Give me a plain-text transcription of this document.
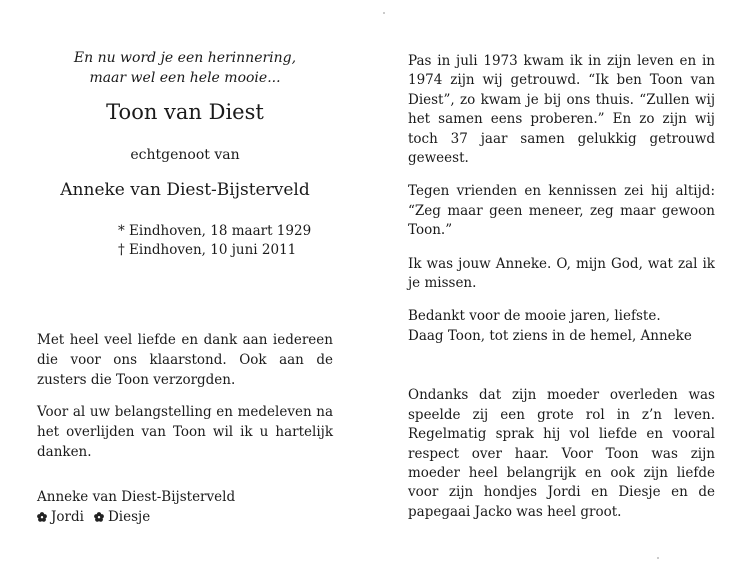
En nu word je een herinnering,
maar wel een hele mooie...
Toon van Diest
echtgenoot van
Anneke van Diest-Bijsterveld
* Eindhoven, 18 maart 1929
† Eindhoven, 10 juni 2011

Met heel veel liefde en dank aan iedereen die voor ons klaarstond. Ook aan de zusters die Toon verzorgden.

Voor al uw belangstelling en medeleven na het overlijden van Toon wil ik u hartelijk danken.

Anneke van Diest-Bijsterveld
Jordi	Diesje

Pas in juli 1973 kwam ik in zijn leven en in 1974 zijn wij getrouwd. “Ik ben Toon van Diest”, zo kwam je bij ons thuis. “Zullen wij het samen eens proberen.” En zo zijn wij toch 37 jaar samen gelukkig getrouwd geweest.

Tegen vrienden en kennissen zei hij altijd: “Zeg maar geen meneer, zeg maar gewoon Toon.”

Ik was jouw Anneke. O, mijn God, wat zal ik je missen.

Bedankt voor de mooie jaren, liefste.
Daag Toon, tot ziens in de hemel, Anneke

Ondanks dat zijn moeder overleden was speelde zij een grote rol in z’n leven. Regelmatig sprak hij vol liefde en vooral respect over haar. Voor Toon was zijn moeder heel belangrijk en ook zijn liefde voor zijn hondjes Jordi en Diesje en de papegaai Jacko was heel groot.
